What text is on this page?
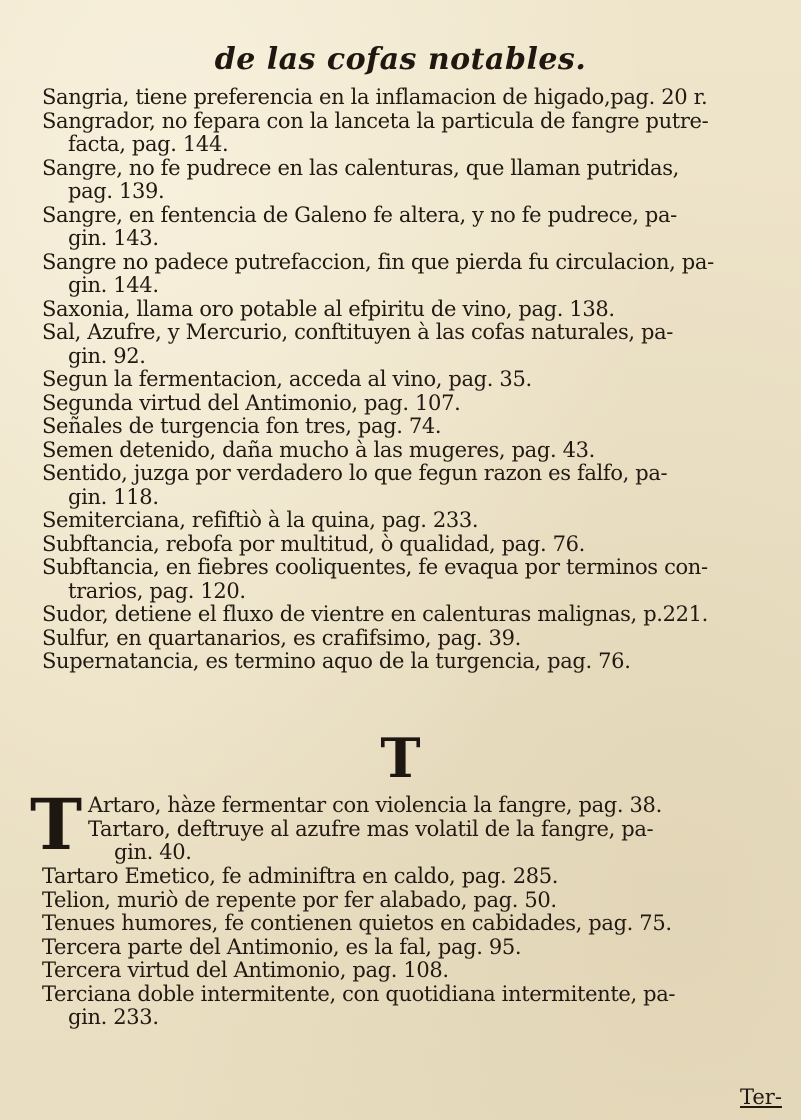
de las cofas notables.
Sangria, tiene preferencia en la inflamacion de higado,pag. 20 r.
Sangrador, no fepara con la lanceta la particula de fangre putre-
facta, pag. 144.
Sangre, no fe pudrece en las calenturas, que llaman putridas,
pag. 139.
Sangre, en fentencia de Galeno fe altera, y no fe pudrece, pa-
gin. 143.
Sangre no padece putrefaccion, fin que pierda fu circulacion, pa-
gin. 144.
Saxonia, llama oro potable al efpiritu de vino, pag. 138.
Sal, Azufre, y Mercurio, conftituyen à las cofas naturales, pa-
gin. 92.
Segun la fermentacion, acceda al vino, pag. 35.
Segunda virtud del Antimonio, pag. 107.
Señales de turgencia fon tres, pag. 74.
Semen detenido, daña mucho à las mugeres, pag. 43.
Sentido, juzga por verdadero lo que fegun razon es falfo, pa-
gin. 118.
Semiterciana, refiftiò à la quina, pag. 233.
Subftancia, rebofa por multitud, ò qualidad, pag. 76.
Subftancia, en fiebres cooliquentes, fe evaqua por terminos con-
trarios, pag. 120.
Sudor, detiene el fluxo de vientre en calenturas malignas, p.221.
Sulfur, en quartanarios, es crafifsimo, pag. 39.
Supernatancia, es termino aquo de la turgencia, pag. 76.
T
T Artaro, hàze fermentar con violencia la fangre, pag. 38.
Tartaro, deftruye al azufre mas volatil de la fangre, pa-
gin. 40.
Tartaro Emetico, fe adminiftra en caldo, pag. 285.
Telion, muriò de repente por fer alabado, pag. 50.
Tenues humores, fe contienen quietos en cabidades, pag. 75.
Tercera parte del Antimonio, es la fal, pag. 95.
Tercera virtud del Antimonio, pag. 108.
Terciana doble intermitente, con quotidiana intermitente, pa-
gin. 233.
Ter-
